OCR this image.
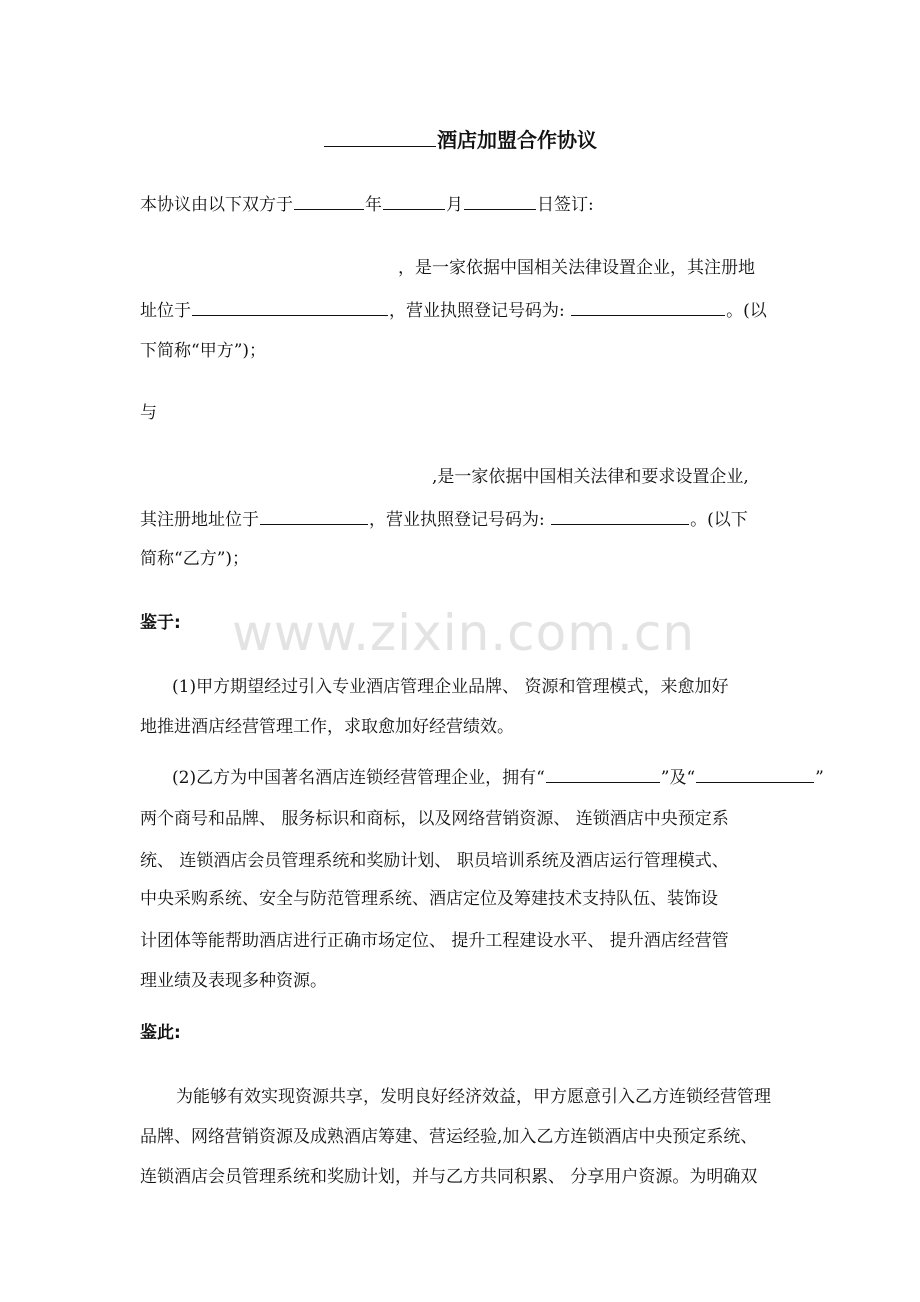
www.zixin.com.cn
酒店加盟合作协议
本协议由以下双方于	年	月	日签订:
，是一家依据中国相关法律设置企业，其注册地
址位于	，营业执照登记号码为:	。(以
下简称“甲方”)；
与
,是一家依据中国相关法律和要求设置企业,
其注册地址位于	，营业执照登记号码为:	。(以下
简称“乙方”)；
鉴于:
(1)甲方期望经过引入专业酒店管理企业品牌、 资源和管理模式，来愈加好
地推进酒店经营管理工作，求取愈加好经营绩效。
(2)乙方为中国著名酒店连锁经营管理企业，拥有“	”及“	”
两个商号和品牌、 服务标识和商标，以及网络营销资源、 连锁酒店中央预定系
统、 连锁酒店会员管理系统和奖励计划、 职员培训系统及酒店运行管理模式、
中央采购系统、安全与防范管理系统、酒店定位及筹建技术支持队伍、装饰设
计团体等能帮助酒店进行正确市场定位、 提升工程建设水平、 提升酒店经营管
理业绩及表现多种资源。
鉴此:
为能够有效实现资源共享，发明良好经济效益，甲方愿意引入乙方连锁经营管理
品牌、网络营销资源及成熟酒店筹建、营运经验,加入乙方连锁酒店中央预定系统、
连锁酒店会员管理系统和奖励计划，并与乙方共同积累、 分享用户资源。为明确双
